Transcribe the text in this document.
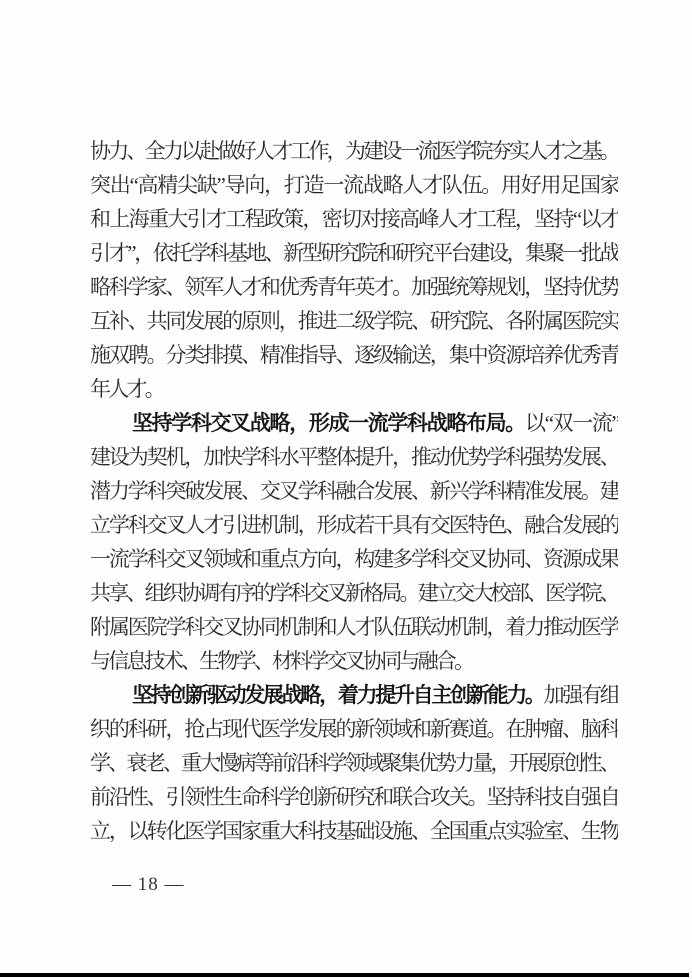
协力、全力以赴做好人才工作，为建设一流医学院夯实人才之基。
突出“高精尖缺”导向，打造一流战略人才队伍。用好用足国家
和上海重大引才工程政策，密切对接高峰人才工程，坚持“以才
引才”，依托学科基地、新型研究院和研究平台建设，集聚一批战
略科学家、领军人才和优秀青年英才。加强统筹规划，坚持优势
互补、共同发展的原则，推进二级学院、研究院、各附属医院实
施双聘。分类排摸、精准指导、逐级输送，集中资源培养优秀青
年人才。
坚持学科交叉战略，形成一流学科战略布局。以“双一流”
建设为契机，加快学科水平整体提升，推动优势学科强势发展、
潜力学科突破发展、交叉学科融合发展、新兴学科精准发展。建
立学科交叉人才引进机制，形成若干具有交医特色、融合发展的
一流学科交叉领域和重点方向，构建多学科交叉协同、资源成果
共享、组织协调有序的学科交叉新格局。建立交大校部、医学院、
附属医院学科交叉协同机制和人才队伍联动机制，着力推动医学
与信息技术、生物学、材料学交叉协同与融合。
坚持创新驱动发展战略，着力提升自主创新能力。加强有组
织的科研，抢占现代医学发展的新领域和新赛道。在肿瘤、脑科
学、衰老、重大慢病等前沿科学领域聚集优势力量，开展原创性、
前沿性、引领性生命科学创新研究和联合攻关。坚持科技自强自
立，以转化医学国家重大科技基础设施、全国重点实验室、生物
— 18 —
